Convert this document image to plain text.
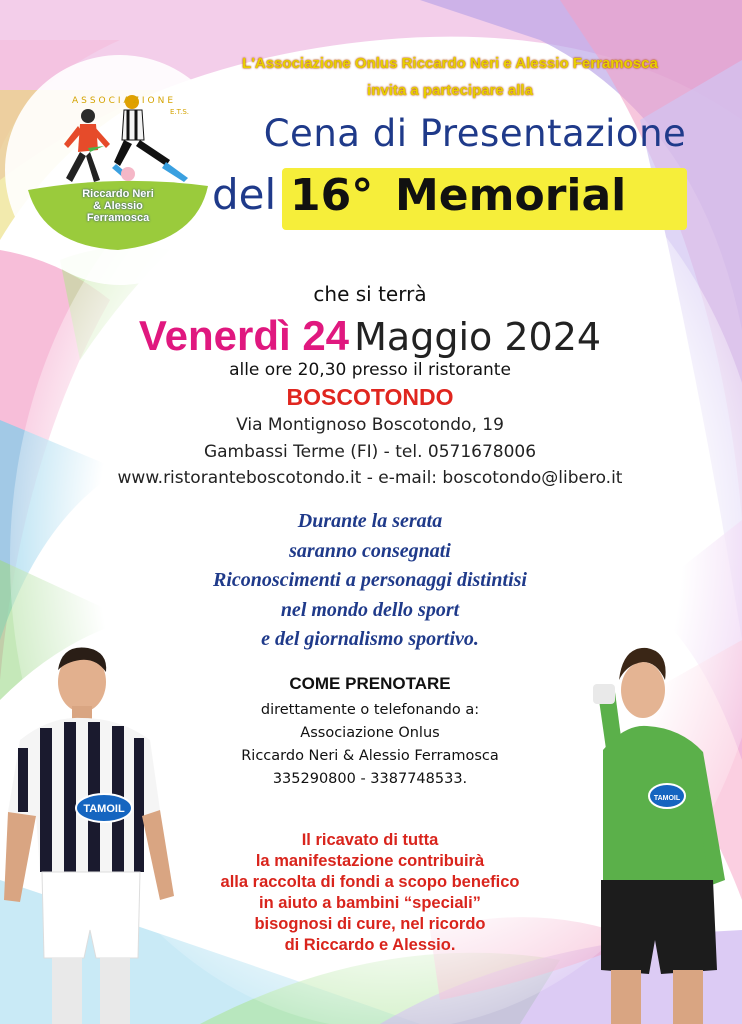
L'Associazione Onlus Riccardo Neri e Alessio Ferramosca
invita a partecipare alla
ASSOCIAZIONE
E.T.S.
Riccardo Neri
& Alessio
Ferramosca
Cena di Presentazione
del 16° Memorial
che si terrà
Venerdì 24 Maggio 2024
alle ore 20,30 presso il ristorante
BOSCOTONDO
Via Montignoso Boscotondo, 19
Gambassi Terme (FI) - tel. 0571678006
www.ristoranteboscotondo.it - e-mail: boscotondo@libero.it
Durante la serata
saranno consegnati
Riconoscimenti a personaggi distintisi
nel mondo dello sport
e del giornalismo sportivo.
COME PRENOTARE
direttamente o telefonando a:
Associazione Onlus
Riccardo Neri & Alessio Ferramosca
335290800 - 3387748533.
Il ricavato di tutta
la manifestazione contribuirà
alla raccolta di fondi a scopo benefico
in aiuto a bambini “speciali”
bisognosi di cure, nel ricordo
di Riccardo e Alessio.
TAMOIL
TAMOIL
